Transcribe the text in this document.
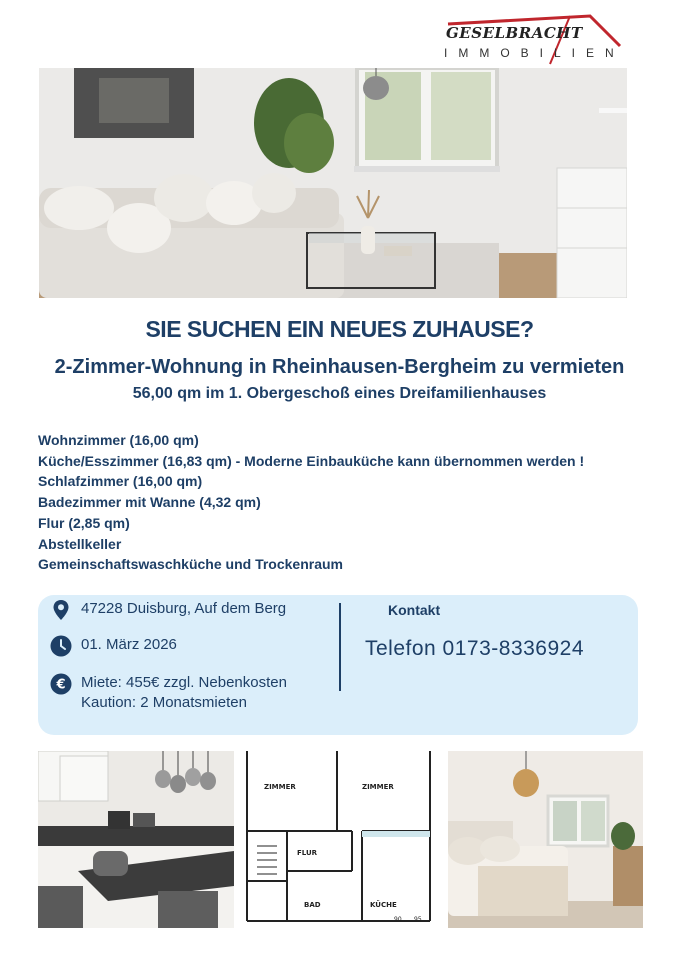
GESELBRACHT
IMMOBILIEN
SIE SUCHEN EIN NEUES ZUHAUSE?
2-Zimmer-Wohnung in Rheinhausen-Bergheim zu vermieten
56,00 qm im 1. Obergeschoß eines Dreifamilienhauses
Wohnzimmer (16,00 qm)
Küche/Esszimmer (16,83 qm) - Moderne Einbauküche kann übernommen werden !
Schlafzimmer (16,00 qm)
Badezimmer mit Wanne (4,32 qm)
Flur (2,85 qm)
Abstellkeller
Gemeinschaftswaschküche und Trockenraum
47228 Duisburg, Auf dem Berg
01. März 2026
€ Miete: 455€ zzgl. Nebenkosten
Kaution: 2 Monatsmieten
Kontakt
Telefon 0173-8336924
ZIMMER	ZIMMER
FLUR
BAD	KÜCHE
90 95
